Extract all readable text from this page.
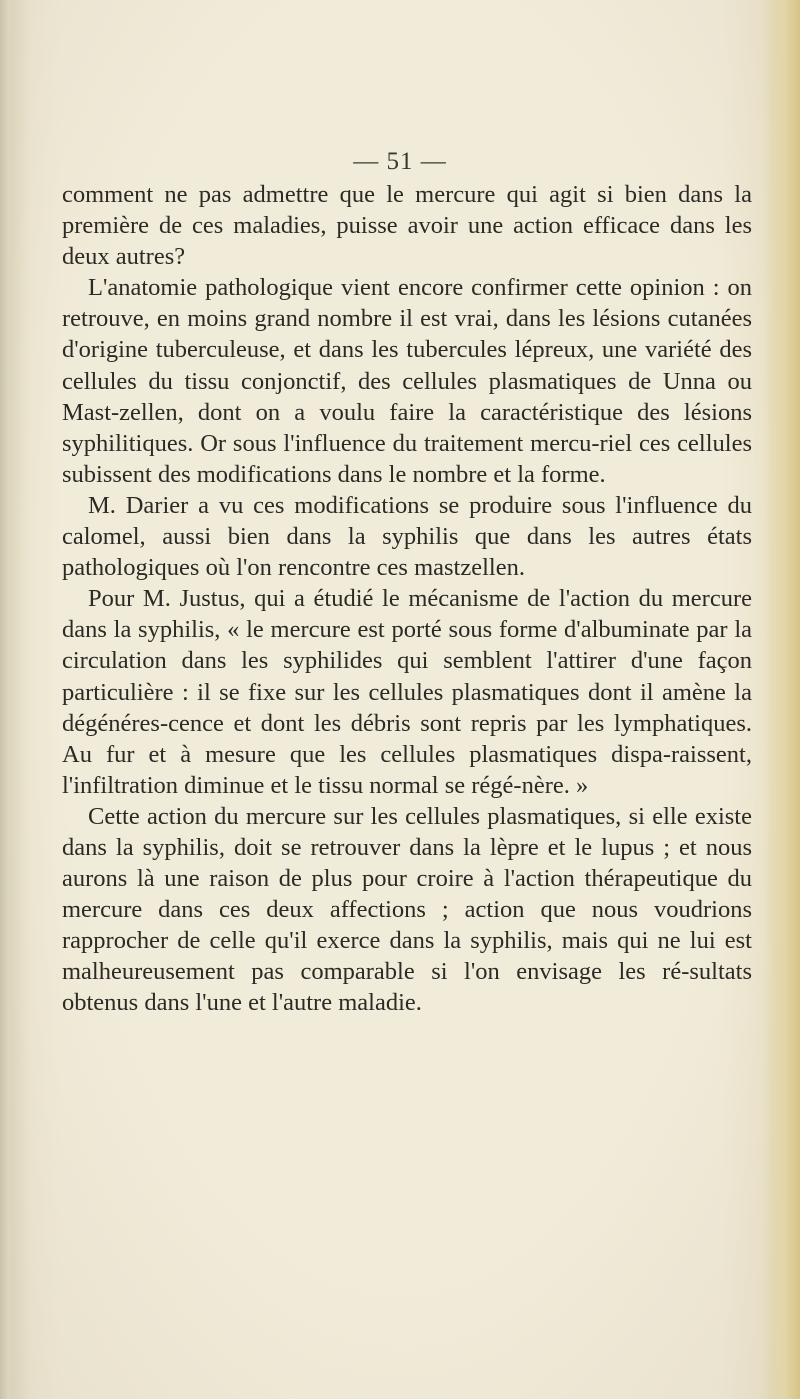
— 51 —

comment ne pas admettre que le mercure qui agit si bien dans la première de ces maladies, puisse avoir une action efficace dans les deux autres?

L'anatomie pathologique vient encore confirmer cette opinion : on retrouve, en moins grand nombre il est vrai, dans les lésions cutanées d'origine tuberculeuse, et dans les tubercules lépreux, une variété des cellules du tissu conjonctif, des cellules plasmatiques de Unna ou Mast-zellen, dont on a voulu faire la caractéristique des lésions syphilitiques. Or sous l'influence du traitement mercu-riel ces cellules subissent des modifications dans le nombre et la forme.

M. Darier a vu ces modifications se produire sous l'influence du calomel, aussi bien dans la syphilis que dans les autres états pathologiques où l'on rencontre ces mastzellen.

Pour M. Justus, qui a étudié le mécanisme de l'action du mercure dans la syphilis, « le mercure est porté sous forme d'albuminate par la circulation dans les syphilides qui semblent l'attirer d'une façon particulière : il se fixe sur les cellules plasmatiques dont il amène la dégénéres-cence et dont les débris sont repris par les lymphatiques. Au fur et à mesure que les cellules plasmatiques dispa-raissent, l'infiltration diminue et le tissu normal se régé-nère. »

Cette action du mercure sur les cellules plasmatiques, si elle existe dans la syphilis, doit se retrouver dans la lèpre et le lupus ; et nous aurons là une raison de plus pour croire à l'action thérapeutique du mercure dans ces deux affections ; action que nous voudrions rapprocher de celle qu'il exerce dans la syphilis, mais qui ne lui est malheureusement pas comparable si l'on envisage les ré-sultats obtenus dans l'une et l'autre maladie.
